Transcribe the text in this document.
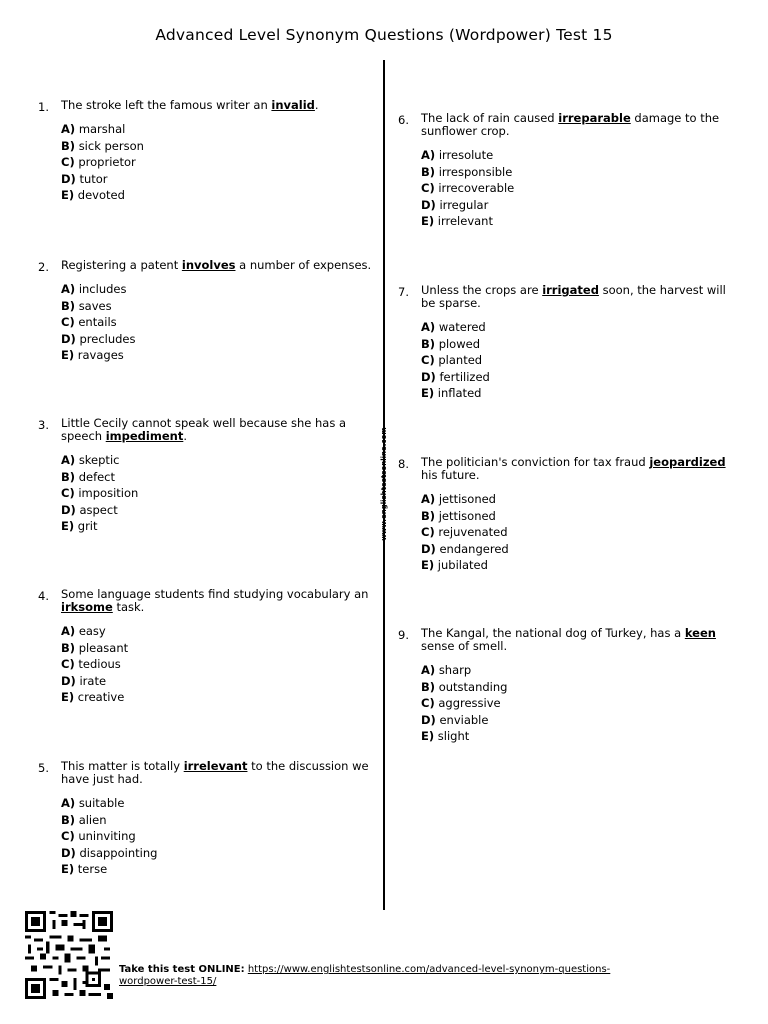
Advanced Level Synonym Questions (Wordpower) Test 15
www.englishtestsonline.com
1. The stroke left the famous writer an invalid.

A) marshal
B) sick person
C) proprietor
D) tutor
E) devoted
2. Registering a patent involves a number of expenses.

A) includes
B) saves
C) entails
D) precludes
E) ravages
3. Little Cecily cannot speak well because she has a speech impediment.

A) skeptic
B) defect
C) imposition
D) aspect
E) grit
4. Some language students find studying vocabulary an irksome task.

A) easy
B) pleasant
C) tedious
D) irate
E) creative
5. This matter is totally irrelevant to the discussion we have just had.

A) suitable
B) alien
C) uninviting
D) disappointing
E) terse
6. The lack of rain caused irreparable damage to the sunflower crop.

A) irresolute
B) irresponsible
C) irrecoverable
D) irregular
E) irrelevant
7. Unless the crops are irrigated soon, the harvest will be sparse.

A) watered
B) plowed
C) planted
D) fertilized
E) inflated
8. The politician's conviction for tax fraud jeopardized his future.

A) jettisoned
B) jettisoned
C) rejuvenated
D) endangered
E) jubilated
9. The Kangal, the national dog of Turkey, has a keen sense of smell.

A) sharp
B) outstanding
C) aggressive
D) enviable
E) slight
Take this test ONLINE: https://www.englishtestsonline.com/advanced-level-synonym-questions-
wordpower-test-15/
